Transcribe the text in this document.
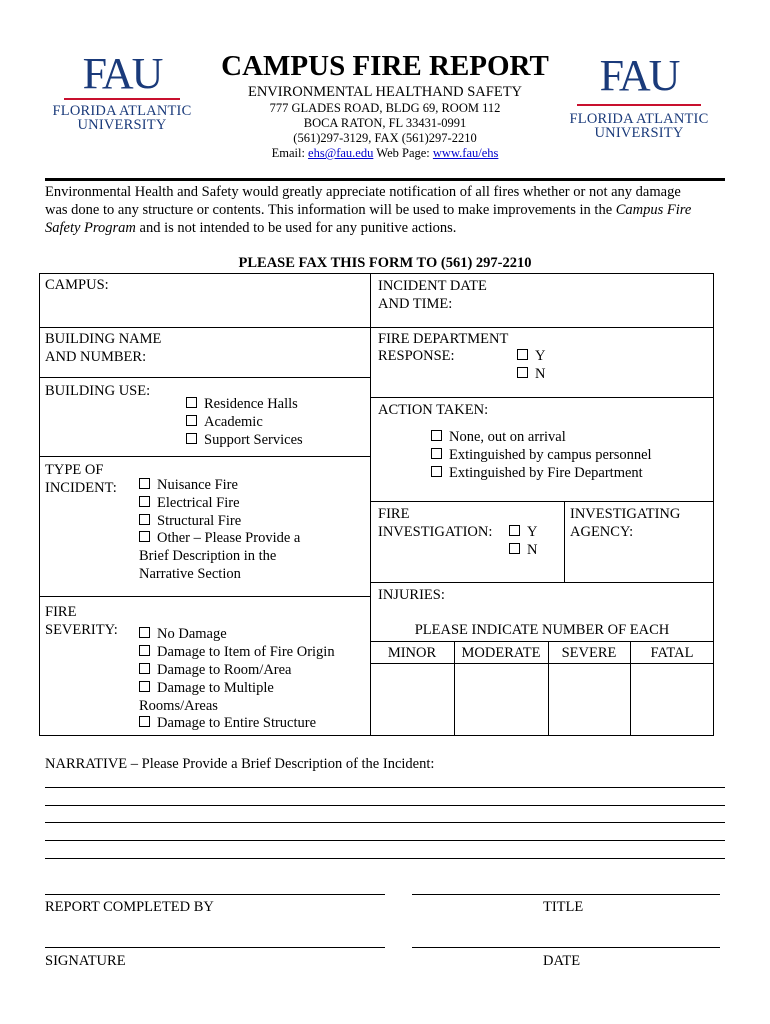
FAU
FLORIDA ATLANTIC
UNIVERSITY
FAU
FLORIDA ATLANTIC
UNIVERSITY
CAMPUS FIRE REPORT
ENVIRONMENTAL HEALTHAND SAFETY
777 GLADES ROAD, BLDG 69, ROOM 112
BOCA RATON, FL 33431-0991
(561)297-3129, FAX (561)297-2210
Email: ehs@fau.edu Web Page: www.fau/ehs
Environmental Health and Safety would greatly appreciate notification of all fires whether or not any damage
was done to any structure or contents. This information will be used to make improvements in the Campus Fire
Safety Program and is not intended to be used for any punitive actions.
PLEASE FAX THIS FORM TO (561) 297-2210
CAMPUS:
BUILDING NAME
AND NUMBER:
BUILDING USE:
Residence Halls
Academic
Support Services
TYPE OF
INCIDENT:	Nuisance Fire
Electrical Fire
Structural Fire
Other – Please Provide a
Brief Description in the
Narrative Section
FIRE
SEVERITY:	No Damage
Damage to Item of Fire Origin
Damage to Room/Area
Damage to Multiple
Rooms/Areas
Damage to Entire Structure
INCIDENT DATE
AND TIME:
FIRE DEPARTMENT
RESPONSE:	Y
N
ACTION TAKEN:
None, out on arrival
Extinguished by campus personnel
Extinguished by Fire Department
FIRE
INVESTIGATION:	Y
N
INVESTIGATING
AGENCY:
INJURIES:
PLEASE INDICATE NUMBER OF EACH
MINOR	MODERATE	SEVERE	FATAL
NARRATIVE – Please Provide a Brief Description of the Incident:
REPORT COMPLETED BY	TITLE
SIGNATURE	DATE
